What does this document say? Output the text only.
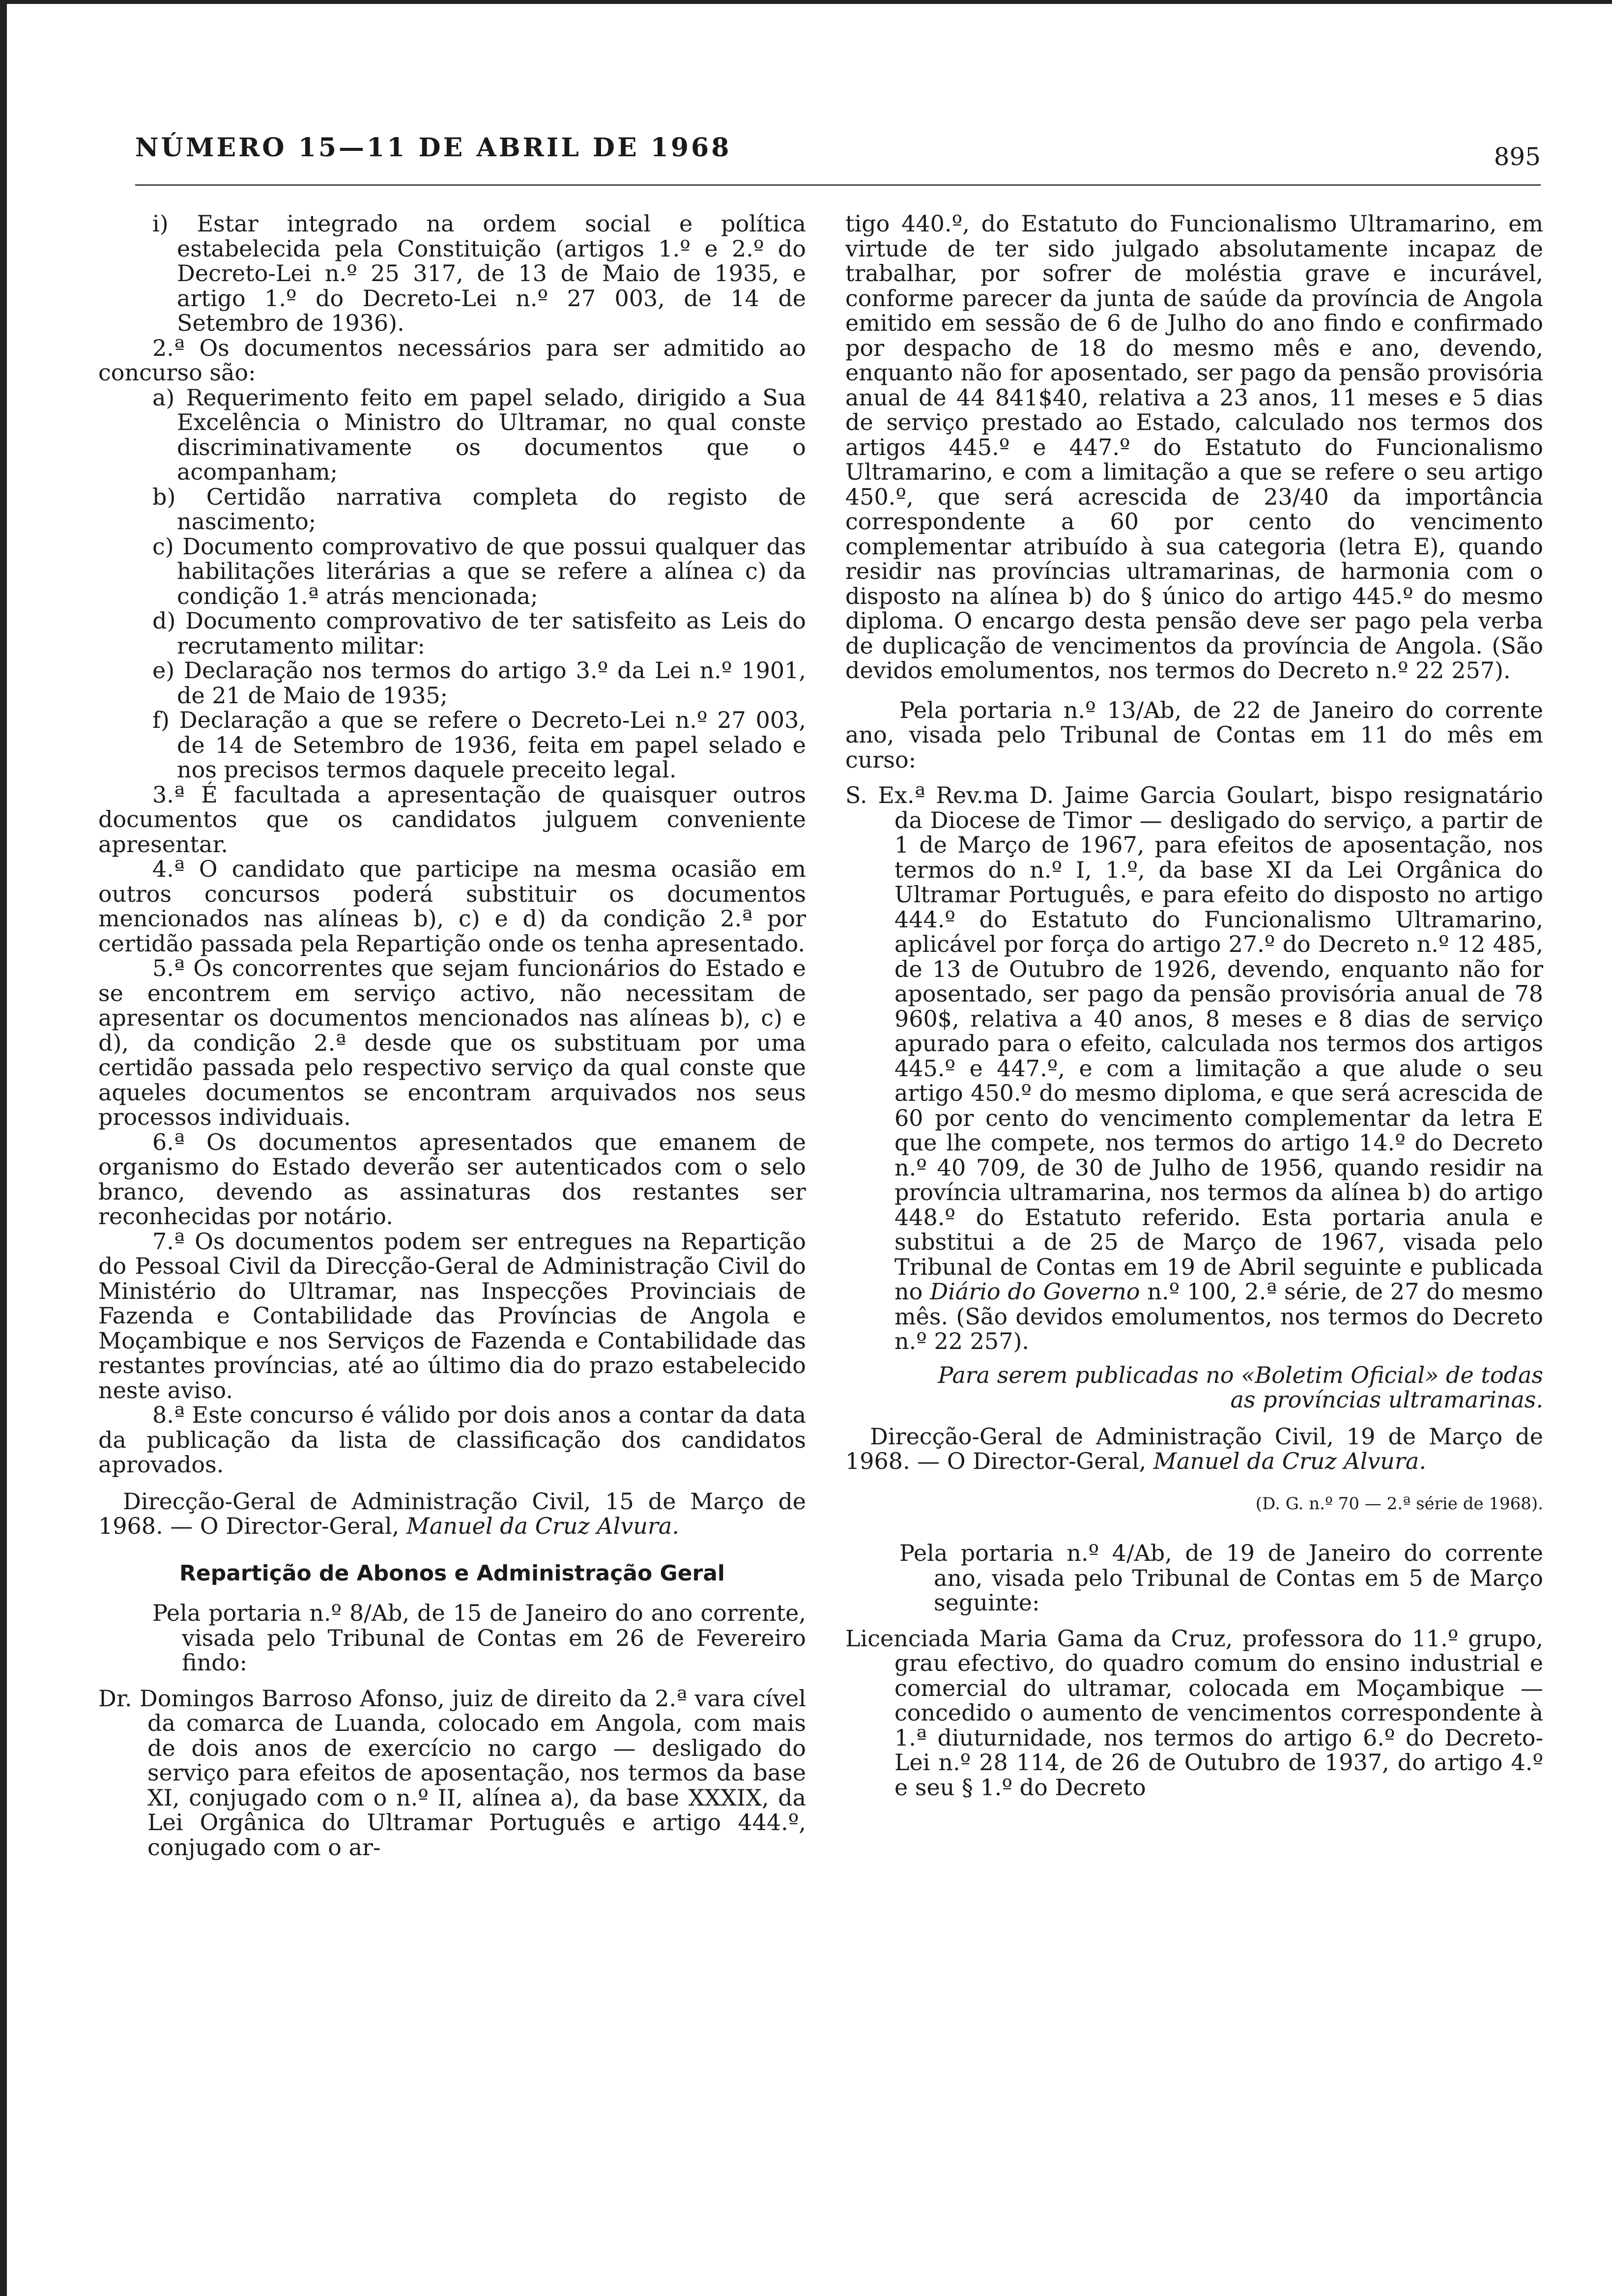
NÚMERO 15—11 DE ABRIL DE 1968	895

i) Estar integrado na ordem social e política estabelecida pela Constituição (artigos 1.º e 2.º do Decreto-Lei n.º 25 317, de 13 de Maio de 1935, e artigo 1.º do Decreto-Lei n.º 27 003, de 14 de Setembro de 1936).

2.ª Os documentos necessários para ser admitido ao concurso são:

a) Requerimento feito em papel selado, dirigido a Sua Excelência o Ministro do Ultramar, no qual conste discriminativamente os documentos que o acompanham;

b) Certidão narrativa completa do registo de nascimento;

c) Documento comprovativo de que possui qualquer das habilitações literárias a que se refere a alínea c) da condição 1.ª atrás mencionada;

d) Documento comprovativo de ter satisfeito as Leis do recrutamento militar:

e) Declaração nos termos do artigo 3.º da Lei n.º 1901, de 21 de Maio de 1935;

f) Declaração a que se refere o Decreto-Lei n.º 27 003, de 14 de Setembro de 1936, feita em papel selado e nos precisos termos daquele preceito legal.

3.ª É facultada a apresentação de quaisquer outros documentos que os candidatos julguem conveniente apresentar.

4.ª O candidato que participe na mesma ocasião em outros concursos poderá substituir os documentos mencionados nas alíneas b), c) e d) da condição 2.ª por certidão passada pela Repartição onde os tenha apresentado.

5.ª Os concorrentes que sejam funcionários do Estado e se encontrem em serviço activo, não necessitam de apresentar os documentos mencionados nas alíneas b), c) e d), da condição 2.ª desde que os substituam por uma certidão passada pelo respectivo serviço da qual conste que aqueles documentos se encontram arquivados nos seus processos individuais.

6.ª Os documentos apresentados que emanem de organismo do Estado deverão ser autenticados com o selo branco, devendo as assinaturas dos restantes ser reconhecidas por notário.

7.ª Os documentos podem ser entregues na Repartição do Pessoal Civil da Direcção-Geral de Administração Civil do Ministério do Ultramar, nas Inspecções Provinciais de Fazenda e Contabilidade das Províncias de Angola e Moçambique e nos Serviços de Fazenda e Contabilidade das restantes províncias, até ao último dia do prazo estabelecido neste aviso.

8.ª Este concurso é válido por dois anos a contar da data da publicação da lista de classificação dos candidatos aprovados.

Direcção-Geral de Administração Civil, 15 de Março de 1968. — O Director-Geral, Manuel da Cruz Alvura.

Repartição de Abonos e Administração Geral

Pela portaria n.º 8/Ab, de 15 de Janeiro do ano corrente, visada pelo Tribunal de Contas em 26 de Fevereiro findo:

Dr. Domingos Barroso Afonso, juiz de direito da 2.ª vara cível da comarca de Luanda, colocado em Angola, com mais de dois anos de exercício no cargo — desligado do serviço para efeitos de aposentação, nos termos da base XI, conjugado com o n.º II, alínea a), da base XXXIX, da Lei Orgânica do Ultramar Português e artigo 444.º, conjugado com o ar-

tigo 440.º, do Estatuto do Funcionalismo Ultramarino, em virtude de ter sido julgado absolutamente incapaz de trabalhar, por sofrer de moléstia grave e incurável, conforme parecer da junta de saúde da província de Angola emitido em sessão de 6 de Julho do ano findo e confirmado por despacho de 18 do mesmo mês e ano, devendo, enquanto não for aposentado, ser pago da pensão provisória anual de 44 841$40, relativa a 23 anos, 11 meses e 5 dias de serviço prestado ao Estado, calculado nos termos dos artigos 445.º e 447.º do Estatuto do Funcionalismo Ultramarino, e com a limitação a que se refere o seu artigo 450.º, que será acrescida de 23/40 da importância correspondente a 60 por cento do vencimento complementar atribuído à sua categoria (letra E), quando residir nas províncias ultramarinas, de harmonia com o disposto na alínea b) do § único do artigo 445.º do mesmo diploma. O encargo desta pensão deve ser pago pela verba de duplicação de vencimentos da província de Angola. (São devidos emolumentos, nos termos do Decreto n.º 22 257).

Pela portaria n.º 13/Ab, de 22 de Janeiro do corrente ano, visada pelo Tribunal de Contas em 11 do mês em curso:

S. Ex.ª Rev.ma D. Jaime Garcia Goulart, bispo resignatário da Diocese de Timor — desligado do serviço, a partir de 1 de Março de 1967, para efeitos de aposentação, nos termos do n.º I, 1.º, da base XI da Lei Orgânica do Ultramar Português, e para efeito do disposto no artigo 444.º do Estatuto do Funcionalismo Ultramarino, aplicável por força do artigo 27.º do Decreto n.º 12 485, de 13 de Outubro de 1926, devendo, enquanto não for aposentado, ser pago da pensão provisória anual de 78 960$, relativa a 40 anos, 8 meses e 8 dias de serviço apurado para o efeito, calculada nos termos dos artigos 445.º e 447.º, e com a limitação a que alude o seu artigo 450.º do mesmo diploma, e que será acrescida de 60 por cento do vencimento complementar da letra E que lhe compete, nos termos do artigo 14.º do Decreto n.º 40 709, de 30 de Julho de 1956, quando residir na província ultramarina, nos termos da alínea b) do artigo 448.º do Estatuto referido. Esta portaria anula e substitui a de 25 de Março de 1967, visada pelo Tribunal de Contas em 19 de Abril seguinte e publicada no Diário do Governo n.º 100, 2.ª série, de 27 do mesmo mês. (São devidos emolumentos, nos termos do Decreto n.º 22 257).

Para serem publicadas no «Boletim Oficial» de todas as províncias ultramarinas.

Direcção-Geral de Administração Civil, 19 de Março de 1968. — O Director-Geral, Manuel da Cruz Alvura.

(D. G. n.º 70 — 2.ª série de 1968).

Pela portaria n.º 4/Ab, de 19 de Janeiro do corrente ano, visada pelo Tribunal de Contas em 5 de Março seguinte:

Licenciada Maria Gama da Cruz, professora do 11.º grupo, grau efectivo, do quadro comum do ensino industrial e comercial do ultramar, colocada em Moçambique — concedido o aumento de vencimentos correspondente à 1.ª diuturnidade, nos termos do artigo 6.º do Decreto-Lei n.º 28 114, de 26 de Outubro de 1937, do artigo 4.º e seu § 1.º do Decreto
